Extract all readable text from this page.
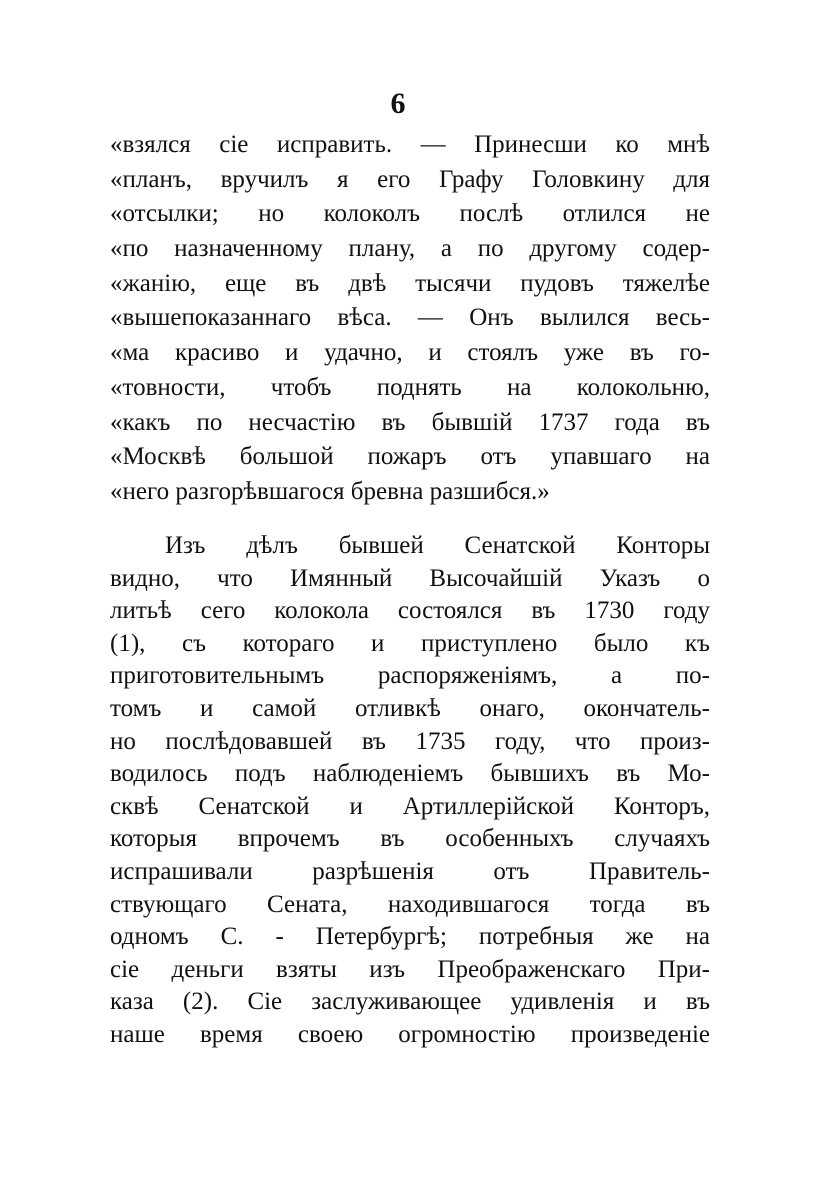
6
«взялся сіе исправить. — Принесши ко мнѣ
«планъ, вручилъ я его Графу Головкину для
«отсылки; но колоколъ послѣ отлился не
«по назначенному плану, а по другому содер-
«жанію, еще въ двѣ тысячи пудовъ тяжелѣе
«вышепоказаннаго вѣса. — Онъ вылился весь-
«ма красиво и удачно, и стоялъ уже въ го-
«товности, чтобъ поднять на колокольню,
«какъ по несчастію въ бывшій 1737 года въ
«Москвѣ большой пожаръ отъ упавшаго на
«него разгорѣвшагося бревна разшибся.»
Изъ дѣлъ бывшей Сенатской Конторы
видно, что Имянный Высочайшій Указъ о
литьѣ сего колокола состоялся въ 1730 году
(1), съ котораго и приступлено было къ
приготовительнымъ распоряженіямъ, а по-
томъ и самой отливкѣ онаго, окончатель-
но послѣдовавшей въ 1735 году, что произ-
водилось подъ наблюденіемъ бывшихъ въ Мо-
сквѣ Сенатской и Артиллерійской Конторъ,
которыя впрочемъ въ особенныхъ случаяхъ
испрашивали разрѣшенія отъ Правитель-
ствующаго Сената, находившагося тогда въ
одномъ С. - Петербургѣ; потребныя же на
сіе деньги взяты изъ Преображенскаго При-
каза (2). Сіе заслуживающее удивленія и въ
наше время своею огромностію произведеніе
